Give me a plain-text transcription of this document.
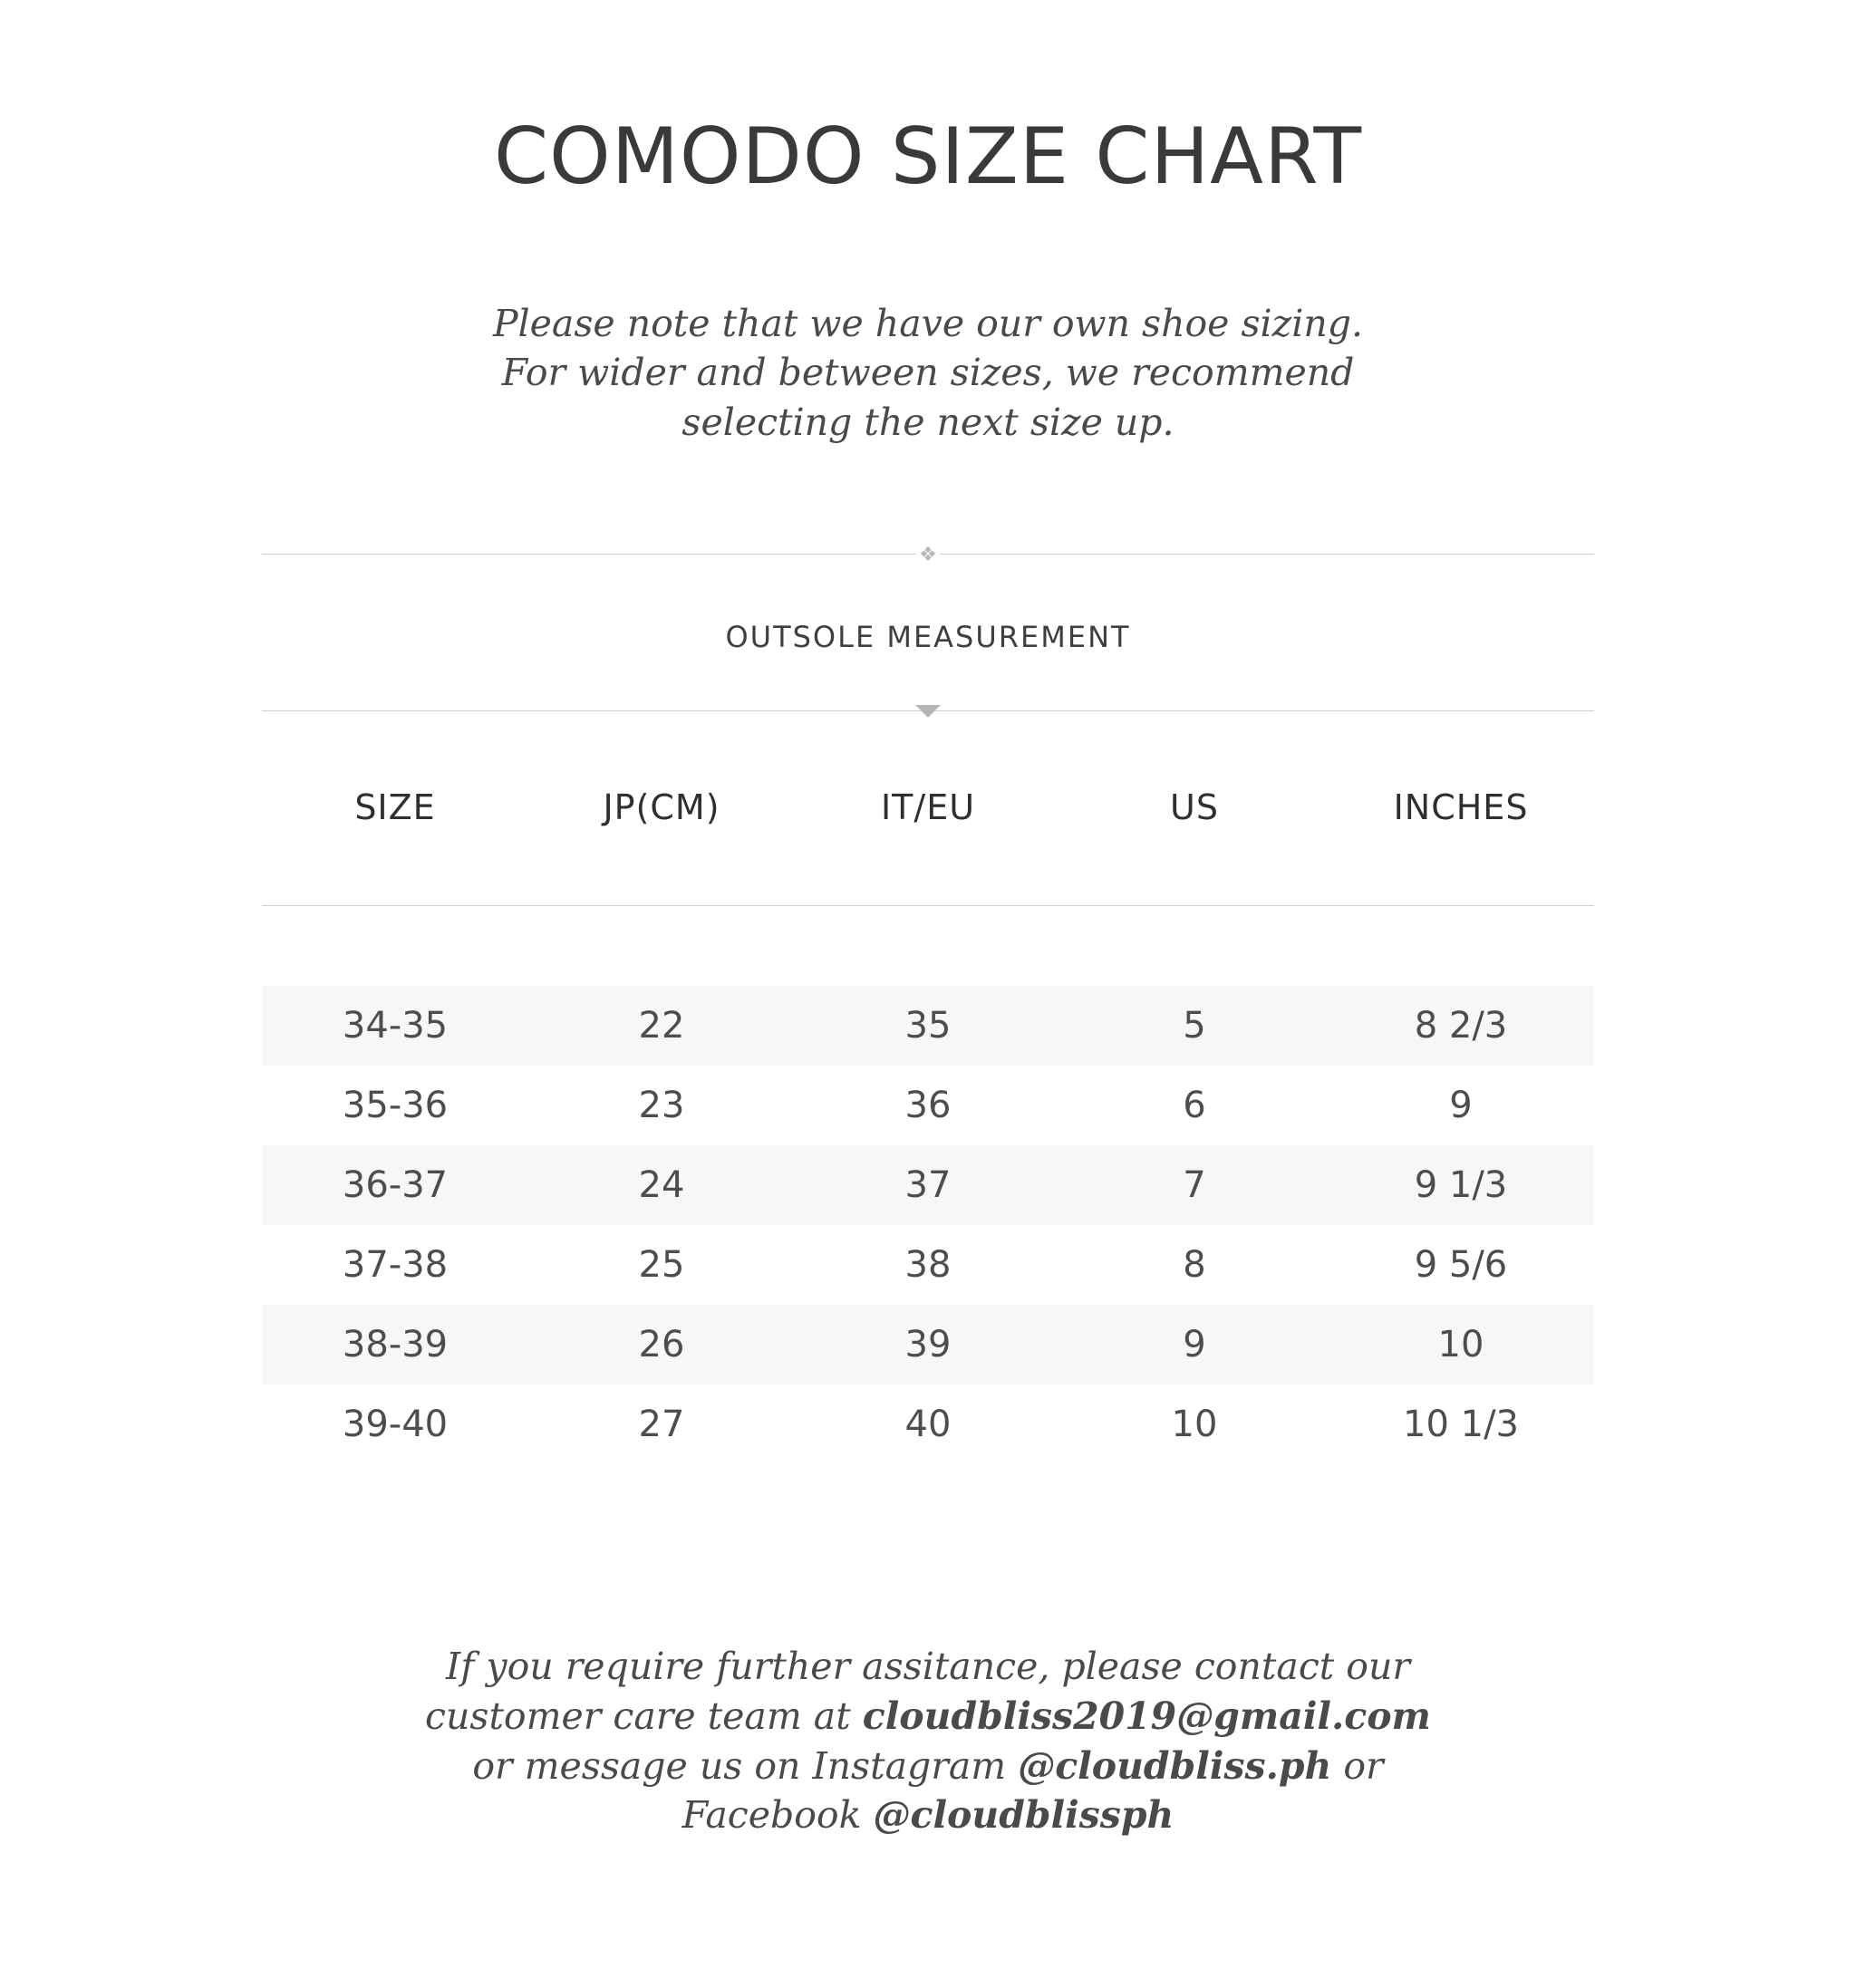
COMODO SIZE CHART

Please note that we have our own shoe sizing.

For wider and between sizes, we recommend

selecting the next size up.

❖
OUTSOLE MEASUREMENT
SIZE	JP(CM)	IT/EU	US	INCHES

34-35	22	35	5	8 2/3
35-36	23	36	6	9
36-37	24	37	7	9 1/3
37-38	25	38	8	9 5/6
38-39	26	39	9	10
39-40	27	40	10	10 1/3

If you require further assitance, please contact our

customer care team at cloudbliss2019@gmail.com

or message us on Instagram @cloudbliss.ph or

Facebook @cloudblissph
